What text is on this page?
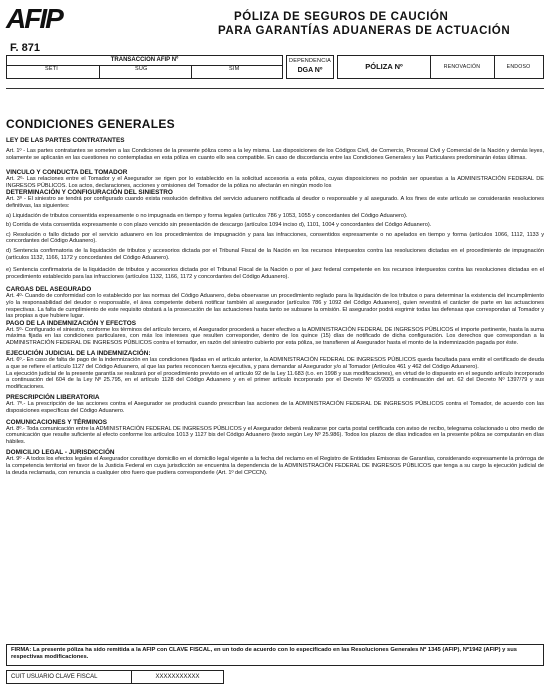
AFIP
F. 871
PÓLIZA DE SEGUROS DE CAUCIÓN
PARA GARANTÍAS ADUANERAS DE ACTUACIÓN
TRANSACCIÓN AFIP Nº
SETI	SUG	SIM
DEPENDENCIA
DGA Nº	PÓLIZA Nº	RENOVACIÓN	ENDOSO
CONDICIONES GENERALES
LEY DE LAS PARTES CONTRATANTES

Art. 1º - Las partes contratantes se someten a las Condiciones de la presente póliza como a la ley misma. Las disposiciones de los Códigos Civil, de Comercio, Procesal Civil y Comercial de la Nación y demás leyes, solamente se aplicarán en las cuestiones no contempladas en esta póliza en cuanto ello sea compatible. En caso de discordancia entre las Condiciones Generales y las Particulares predominarán éstas últimas.

VINCULO Y CONDUCTA DEL TOMADOR

Art. 2º- Las relaciones entre el Tomador y el Asegurador se rigen por lo establecido en la solicitud accesoria a esta póliza, cuyas disposiciones no podrán ser opuestas a la ADMINISTRACIÓN FEDERAL DE INGRESOS PÚBLICOS. Los actos, declaraciones, acciones y omisiones del Tomador de la póliza no afectarán en ningún modo los

DETERMINACIÓN Y CONFIGURACIÓN DEL SINIESTRO

Art. 3º - El siniestro se tendrá por configurado cuando exista resolución definitiva del servicio aduanero notificada al deudor o responsable y al asegurado. A los fines de este artículo se considerarán resoluciones definitivas, las siguientes:

a) Liquidación de tributos consentida expresamente o no impugnada en tiempo y forma legales (artículos 786 y 1053, 1055 y concordantes del Código Aduanero).

b) Corrida de vista consentida expresamente o con plazo vencido sin presentación de descargo (artículos 1094 inciso d), 1101, 1004 y concordantes del Código Aduanero).

c) Resolución o fallo dictado por el servicio aduanero en los procedimientos de impugnación y para las infracciones, consentidos expresamente o no apelados en tiempo y forma (artículos 1066, 1112, 1133 y concordantes del Código Aduanero).

d) Sentencia confirmatoria de la liquidación de tributos y accesorios dictada por el Tribunal Fiscal de la Nación en los recursos interpuestos contra las resoluciones dictadas en el procedimiento de impugnación (artículos 1132, 1166, 1172 y concordantes del Código Aduanero).

e) Sentencia confirmatoria de la liquidación de tributos y accesorios dictada por el Tribunal Fiscal de la Nación o por el juez federal competente en los recursos interpuestos contra las resoluciones dictadas en el procedimiento establecido para las infracciones (artículos 1132, 1166, 1172 y concordantes del Código Aduanero).

CARGAS DEL ASEGURADO

Art. 4º- Cuando de conformidad con lo establecido por las normas del Código Aduanero, deba observarse un procedimiento reglado para la liquidación de los tributos o para determinar la existencia del incumplimiento y/o la responsabilidad del deudor o responsable, el área competente deberá notificar también al asegurador (artículos 786 y 1092 del Código Aduanero), quien revestirá el carácter de parte en las actuaciones respectivas. La falta de cumplimiento de este requisito obstará a la prosecución de las actuaciones hasta tanto se subsane la omisión. El asegurador podrá esgrimir todas las defensas que correspondan al Tomador y las propias a que hubiere lugar.

PAGO DE LA INDEMNIZACIÓN Y EFECTOS

Art. 5º- Configurado el siniestro, conforme los términos del artículo tercero, el Asegurador procederá a hacer efectivo a la ADMINISTRACIÓN FEDERAL DE INGRESOS PÚBLICOS el importe pertinente, hasta la suma máxima fijada en las condiciones particulares, con más los intereses que resulten corresponder, dentro de los quince (15) días de notificado de dicha configuración. Los derechos que correspondan a la ADMINISTRACIÓN FEDERAL DE INGRESOS PÚBLICOS contra el tomador, en razón del siniestro cubierto por esta póliza, se transfieren al Asegurador hasta el monto de la indemnización pagada por éste.

EJECUCIÓN JUDICIAL DE LA INDEMNIZACIÓN:

Art. 6º.- En caso de falta de pago de la indemnización en las condiciones fijadas en el artículo anterior, la ADMINISTRACIÓN FEDERAL DE INGRESOS PÚBLICOS queda facultada para emitir el certificado de deuda a que se refiere el artículo 1127 del Código Aduanero, al que las partes reconocen fuerza ejecutiva, y para demandar al Asegurador y/o al Tomador (Artículos 461 y 462 del Código Aduanero).

La ejecución judicial de la presente garantía se realizará por el procedimiento previsto en el artículo 92 de la Ley 11.683 (t.o. en 1998 y sus modificaciones), en virtud de lo dispuesto en el segundo artículo incorporado a continuación del 604 de la Ley Nº 25.795, en el artículo 1128 del Código Aduanero y en el primer artículo incorporado por el Decreto Nº 65/2005 a continuación del art. 62 del Decreto Nº 1397/79 y sus modificaciones.

PRESCRIPCIÓN LIBERATORIA

Art. 7º.- La prescripción de las acciones contra el Asegurador se producirá cuando prescriban las acciones de la ADMINISTRACIÓN FEDERAL DE INGRESOS PÚBLICOS contra el Tomador, de acuerdo con las disposiciones específicas del Código Aduanero.

COMUNICACIONES Y TÉRMINOS

Art. 8º.- Toda comunicación entre la ADMINISTRACIÓN FEDERAL DE INGRESOS PÚBLICOS y el Asegurador deberá realizarse por carta postal certificada con aviso de recibo, telegrama colacionado u otro medio de comunicación que resulte suficiente al efecto conforme los artículos 1013 y 1127 bis del Código Aduanero (texto según Ley Nº 25.986). Todos los plazos de días indicados en la presente póliza se computarán en días hábiles.

DOMICILIO LEGAL - JURISDICCIÓN

Art. 9º - A todos los efectos legales el Asegurador constituye domicilio en el domicilio legal vigente a la fecha del reclamo en el Registro de Entidades Emisoras de Garantías, considerando expresamente la prórroga de la competencia territorial en favor de la Justicia Federal en cuya jurisdicción se encuentra la dependencia de la ADMINISTRACIÓN FEDERAL DE INGRESOS PÚBLICOS que tenga a su cargo la ejecución judicial de la deuda reclamada, con renuncia a cualquier otro fuero que pudiera corresponderle (Art. 1º del CPCCN).

FIRMA: La presente póliza ha sido remitida a la AFIP con CLAVE FISCAL, en un todo de acuerdo con lo especificado en las Resoluciones Generales Nº 1345 (AFIP), Nº1942 (AFIP) y sus respectivas modificaciones.
CUIT USUARIO CLAVE FISCAL	XXXXXXXXXXX
